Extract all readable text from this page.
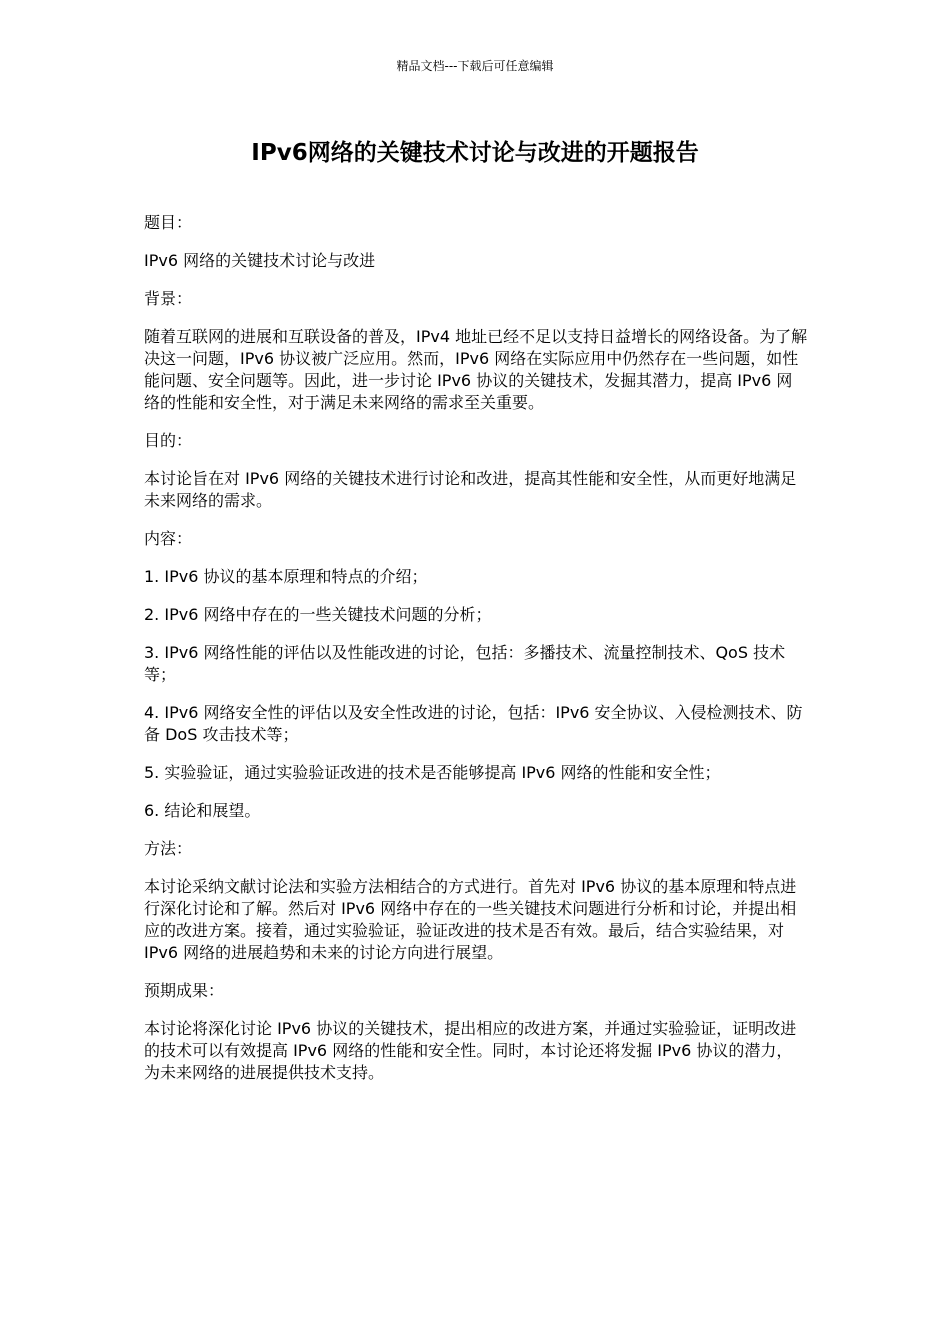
精品文档---下载后可任意编辑
IPv6网络的关键技术讨论与改进的开题报告

题目：

IPv6 网络的关键技术讨论与改进

背景：

随着互联网的进展和互联设备的普及，IPv4 地址已经不足以支持日益增长的网络设备。为了解决这一问题，IPv6 协议被广泛应用。然而，IPv6 网络在实际应用中仍然存在一些问题，如性能问题、安全问题等。因此，进一步讨论 IPv6 协议的关键技术，发掘其潜力，提高 IPv6 网络的性能和安全性，对于满足未来网络的需求至关重要。

目的：

本讨论旨在对 IPv6 网络的关键技术进行讨论和改进，提高其性能和安全性，从而更好地满足未来网络的需求。

内容：

1. IPv6 协议的基本原理和特点的介绍；

2. IPv6 网络中存在的一些关键技术问题的分析；

3. IPv6 网络性能的评估以及性能改进的讨论，包括：多播技术、流量控制技术、QoS 技术等；

4. IPv6 网络安全性的评估以及安全性改进的讨论，包括：IPv6 安全协议、入侵检测技术、防备 DoS 攻击技术等；

5. 实验验证，通过实验验证改进的技术是否能够提高 IPv6 网络的性能和安全性；

6. 结论和展望。

方法：

本讨论采纳文献讨论法和实验方法相结合的方式进行。首先对 IPv6 协议的基本原理和特点进行深化讨论和了解。然后对 IPv6 网络中存在的一些关键技术问题进行分析和讨论，并提出相应的改进方案。接着，通过实验验证，验证改进的技术是否有效。最后，结合实验结果，对 IPv6 网络的进展趋势和未来的讨论方向进行展望。

预期成果：

本讨论将深化讨论 IPv6 协议的关键技术，提出相应的改进方案，并通过实验验证，证明改进的技术可以有效提高 IPv6 网络的性能和安全性。同时，本讨论还将发掘 IPv6 协议的潜力，为未来网络的进展提供技术支持。
